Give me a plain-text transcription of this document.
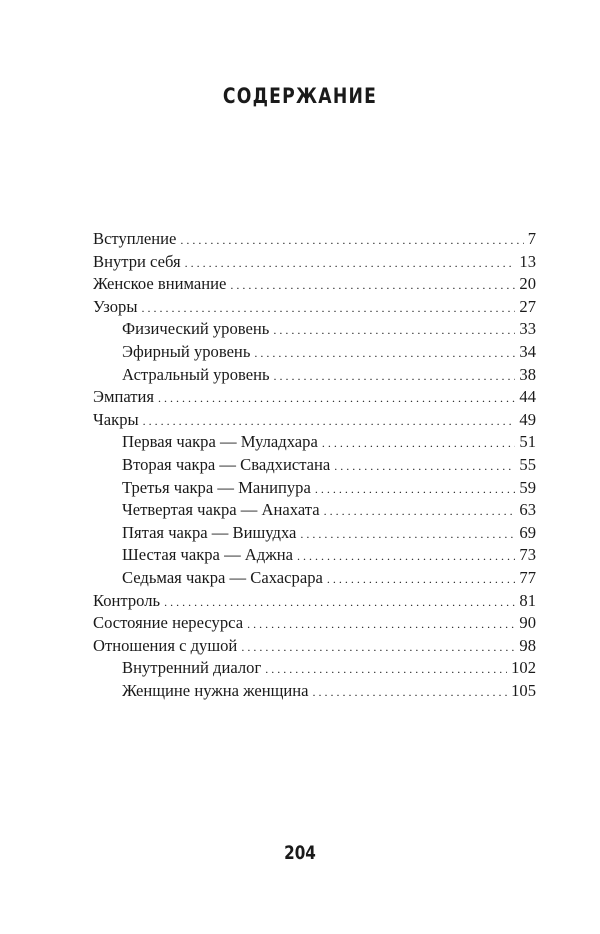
СОДЕРЖАНИЕ
Вступление . . .	7
Внутри себя . . .	13
Женское внимание . . .	20
Узоры . . .	27
Физический уровень . . .	33
Эфирный уровень . . .	34
Астральный уровень . . .	38
Эмпатия . . .	44
Чакры . . .	49
Первая чакра — Муладхара . . .	51
Вторая чакра — Свадхистана . . .	55
Третья чакра — Манипура . . .	59
Четвертая чакра — Анахата . . .	63
Пятая чакра — Вишудха . . .	69
Шестая чакра — Аджна . . .	73
Седьмая чакра — Сахасрара . . .	77
Контроль . . .	81
Состояние нересурса . . .	90
Отношения с душой . . .	98
Внутренний диалог . . .	102
Женщине нужна женщина . . .	105
204
